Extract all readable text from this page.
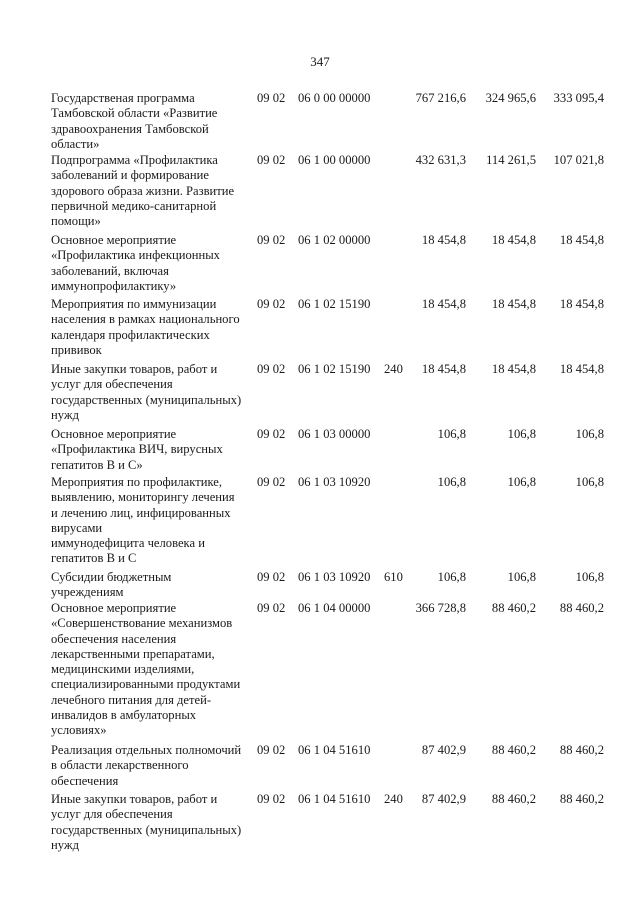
347
Государственая программа
Тамбовской области «Развитие
здравоохранения Тамбовской
области»
09 02 06 0 00 00000	767 216,6	324 965,6	333 095,4
Подпрограмма «Профилактика
заболеваний и формирование
здорового образа жизни. Развитие
первичной медико-санитарной
помощи»
09 02 06 1 00 00000	432 631,3	114 261,5	107 021,8
Основное мероприятие
«Профилактика инфекционных
заболеваний, включая
иммунопрофилактику»
09 02 06 1 02 00000	18 454,8	18 454,8	18 454,8
Мероприятия по иммунизации
населения в рамках национального
календаря профилактических
прививок
09 02 06 1 02 15190	18 454,8	18 454,8	18 454,8
Иные закупки товаров, работ и
услуг для обеспечения
государственных (муниципальных)
нужд
09 02 06 1 02 15190 240	18 454,8	18 454,8	18 454,8
Основное мероприятие
«Профилактика ВИЧ, вирусных
гепатитов В и С»
09 02 06 1 03 00000	106,8	106,8	106,8
Мероприятия по профилактике,
выявлению, мониторингу лечения
и лечению лиц, инфицированных
вирусами
иммунодефицита человека и
гепатитов В и С
09 02 06 1 03 10920	106,8	106,8	106,8
Субсидии бюджетным
учреждениям
09 02 06 1 03 10920 610	106,8	106,8	106,8
Основное мероприятие
«Совершенствование механизмов
обеспечения населения
лекарственными препаратами,
медицинскими изделиями,
специализированными продуктами
лечебного питания для детей-
инвалидов в амбулаторных
условиях»
09 02 06 1 04 00000	366 728,8	88 460,2	88 460,2
Реализация отдельных полномочий
в области лекарственного
обеспечения
09 02 06 1 04 51610	87 402,9	88 460,2	88 460,2
Иные закупки товаров, работ и
услуг для обеспечения
государственных (муниципальных)
нужд
09 02 06 1 04 51610 240	87 402,9	88 460,2	88 460,2
